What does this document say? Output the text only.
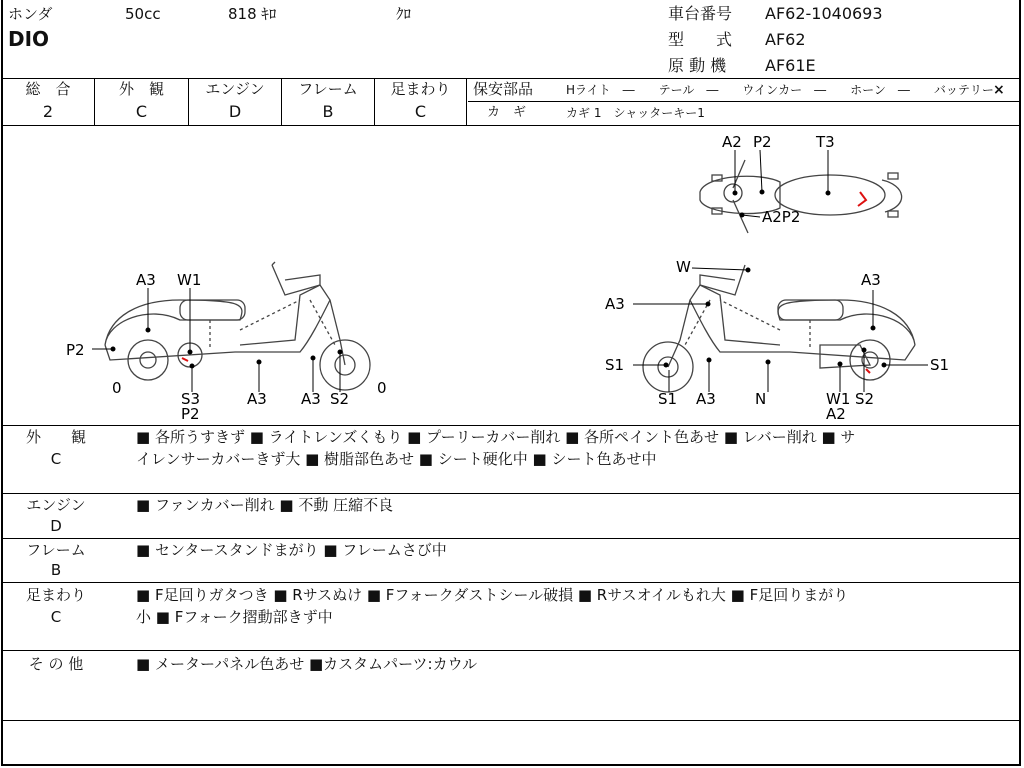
ホンダ	50cc	818 ｷﾛ	ｸﾛ
DIO
車台番号 AF62-1040693
型　　式 AF62
原 動 機 AF61E
総　合
2
外　観
C
エンジン
D
フレーム
B
足まわり
C
保安部品	Hライト　―　　テール　―　　ウインカー　―　　ホーン　―　　バッテリー ×
カ　ギ	カギ 1　シャッターキー1
A2 P2	T3
A2P2
A3 W1
P2
0
S3
P2
A3 A3 S2
0
W
A3
A3
S1
S1 A3	N	W1
A2
S2
S1
外　　観
C
■ 各所うすきず ■ ライトレンズくもり ■ プーリーカバー削れ ■ 各所ペイント色あせ ■ レバー削れ ■ サ
イレンサーカバーきず大 ■ 樹脂部色あせ ■ シート硬化中 ■ シート色あせ中
エンジン
D
■ ファンカバー削れ ■ 不動 圧縮不良
フレーム
B
■ センタースタンドまがり ■ フレームさび中
足まわり
C
■ F足回りガタつき ■ Rサスぬけ ■ Fフォークダストシール破損 ■ Rサスオイルもれ大 ■ F足回りまがり
小 ■ Fフォーク摺動部きず中
そ の 他	■ メーターパネル色あせ ■カスタムパーツ:カウル
